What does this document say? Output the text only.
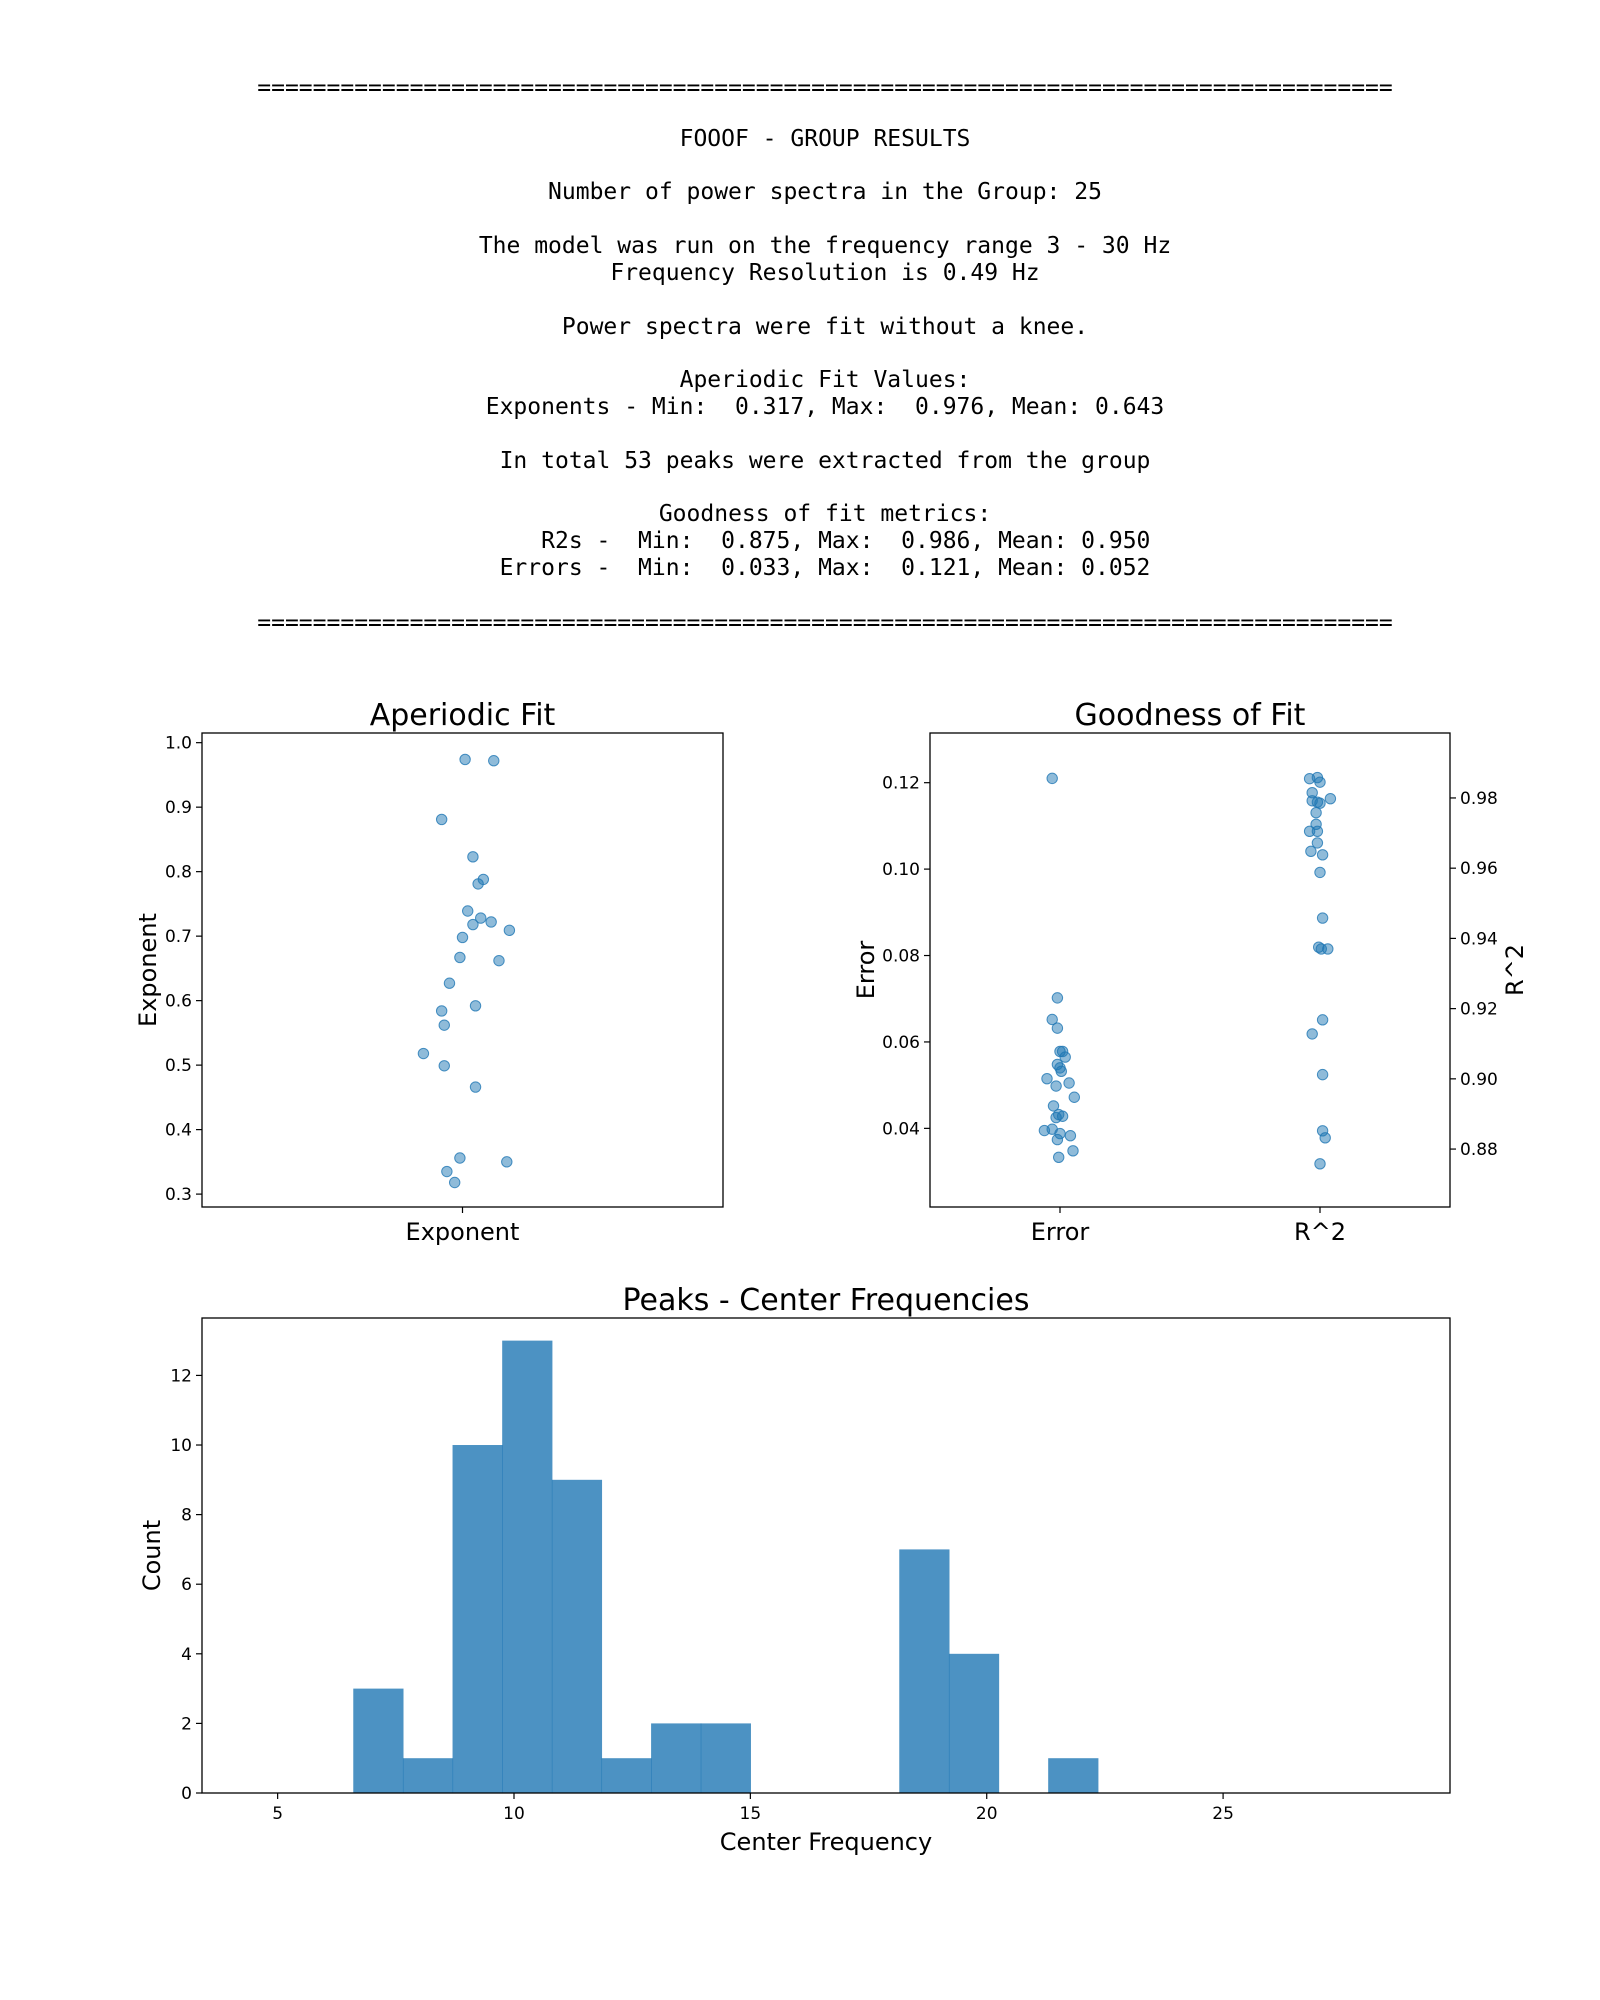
==================================================================================
FOOOF - GROUP RESULTS
Number of power spectra in the Group: 25
The model was run on the frequency range 3 - 30 Hz
Frequency Resolution is 0.49 Hz
Power spectra were fit without a knee.
Aperiodic Fit Values:
Exponents - Min:  0.317, Max:  0.976, Mean: 0.643
In total 53 peaks were extracted from the group
Goodness of fit metrics:
R2s -  Min:  0.875, Max:  0.986, Mean: 0.950
Errors -  Min:  0.033, Max:  0.121, Mean: 0.052
==================================================================================
0.3
0.4
0.5
0.6
0.7
0.8
0.9
1.0
Exponent
Exponent
Aperiodic Fit
0.04
0.06
0.08
0.10
0.12
0.88
0.90
0.92
0.94
0.96
0.98
Error	R^2
Error	R^2
Goodness of Fit
0
2
4
6
8
10
12
5	10	15	20	25
Center Frequency
Count
Peaks - Center Frequencies
